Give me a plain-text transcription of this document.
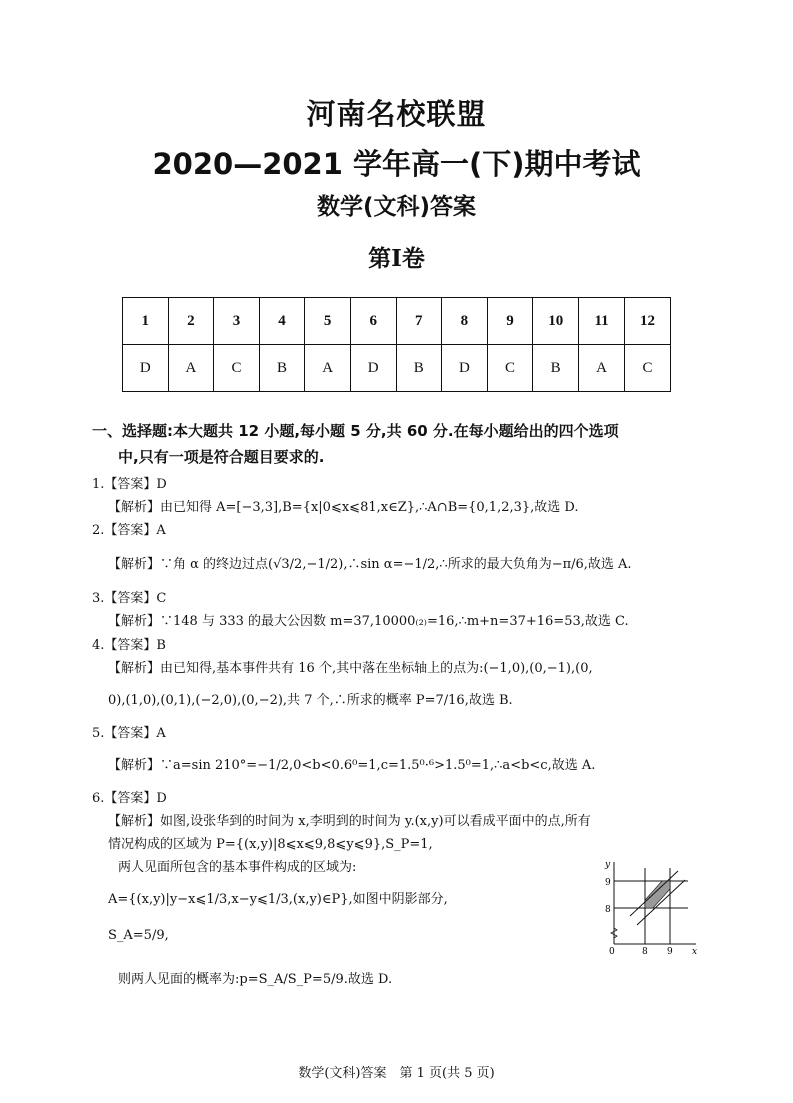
河南名校联盟
2020—2021 学年高一(下)期中考试
数学(文科)答案
第Ⅰ卷
1	2	3	4	5	6	7	8	9	10	11	12
D	A	C	B	A	D	B	D	C	B	A	C
一、选择题:本大题共 12 小题,每小题 5 分,共 60 分.在每小题给出的四个选项
中,只有一项是符合题目要求的.
1.【答案】D
【解析】由已知得 A=[−3,3],B={x|0⩽x⩽81,x∈Z},∴A∩B={0,1,2,3},故选 D.
2.【答案】A
【解析】∵角 α 的终边过点(√3/2,−1/2),∴sin α=−1/2,∴所求的最大负角为−π/6,故选 A.
3.【答案】C
【解析】∵148 与 333 的最大公因数 m=37,10000₍₂₎=16,∴m+n=37+16=53,故选 C.
4.【答案】B
【解析】由已知得,基本事件共有 16 个,其中落在坐标轴上的点为:(−1,0),(0,−1),(0,
0),(1,0),(0,1),(−2,0),(0,−2),共 7 个,∴所求的概率 P=7/16,故选 B.
5.【答案】A
【解析】∵a=sin 210°=−1/2,0<b<0.6⁰=1,c=1.5⁰·⁶>1.5⁰=1,∴a<b<c,故选 A.
6.【答案】D
【解析】如图,设张华到的时间为 x,李明到的时间为 y.(x,y)可以看成平面中的点,所有
情况构成的区域为 P={(x,y)|8⩽x⩽9,8⩽y⩽9},S_P=1,
两人见面所包含的基本事件构成的区域为:
A={(x,y)|y−x⩽1/3,x−y⩽1/3,(x,y)∈P},如图中阴影部分,
S_A=5/9,
则两人见面的概率为:p=S_A/S_P=5/9.故选 D.
y
x
0	8 9
9
8
数学(文科)答案　第 1 页(共 5 页)
